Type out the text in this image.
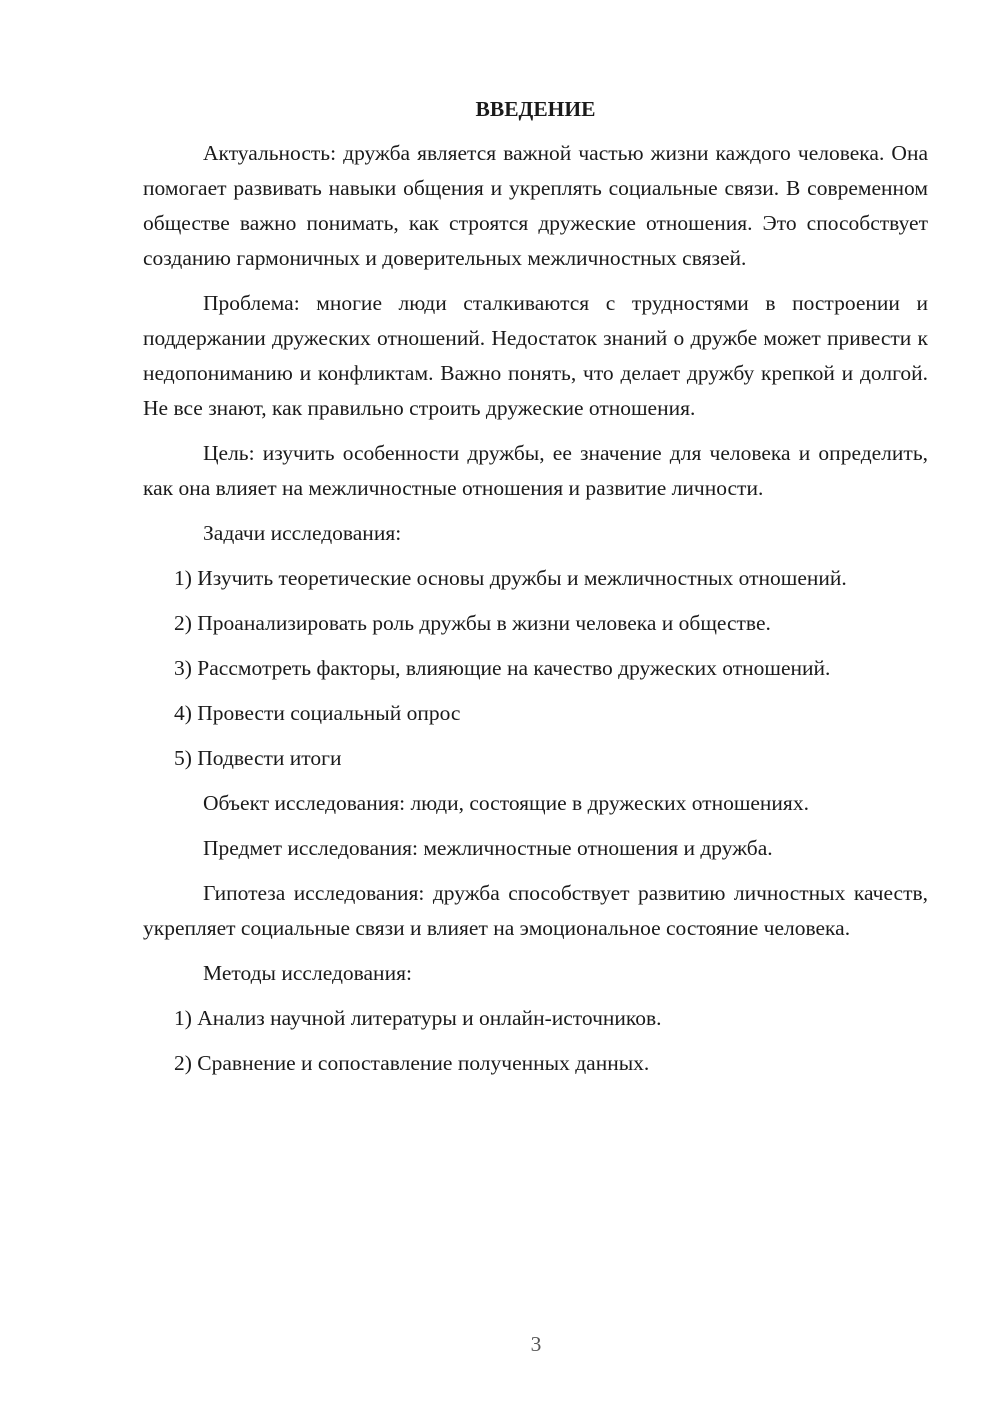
ВВЕДЕНИЕ

Актуальность: дружба является важной частью жизни каждого человека. Она помогает развивать навыки общения и укреплять социальные связи. В современном обществе важно понимать, как строятся дружеские отношения. Это способствует созданию гармоничных и доверительных межличностных связей.

Проблема: многие люди сталкиваются с трудностями в построении и поддержании дружеских отношений. Недостаток знаний о дружбе может привести к недопониманию и конфликтам. Важно понять, что делает дружбу крепкой и долгой. Не все знают, как правильно строить дружеские отношения.

Цель: изучить особенности дружбы, ее значение для человека и определить, как она влияет на межличностные отношения и развитие личности.

Задачи исследования:

1) Изучить теоретические основы дружбы и межличностных отношений.

2) Проанализировать роль дружбы в жизни человека и обществе.

3) Рассмотреть факторы, влияющие на качество дружеских отношений.

4) Провести социальный опрос

5) Подвести итоги

Объект исследования: люди, состоящие в дружеских отношениях.

Предмет исследования: межличностные отношения и дружба.

Гипотеза исследования: дружба способствует развитию личностных качеств, укрепляет социальные связи и влияет на эмоциональное состояние человека.

Методы исследования:

1) Анализ научной литературы и онлайн-источников.

2) Сравнение и сопоставление полученных данных.

3
